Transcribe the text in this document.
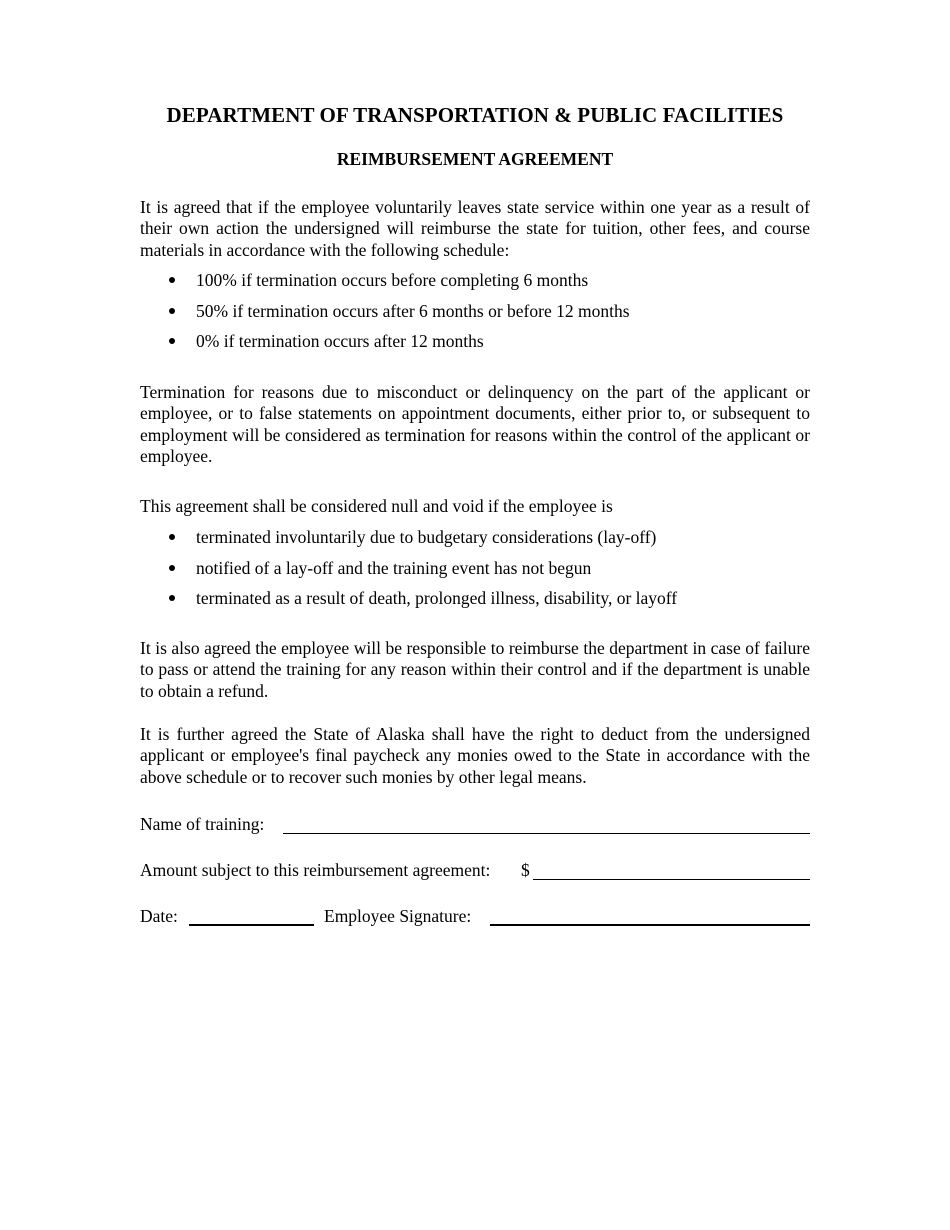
DEPARTMENT OF TRANSPORTATION & PUBLIC FACILITIES
REIMBURSEMENT AGREEMENT

It is agreed that if the employee voluntarily leaves state service within one year as a result of their own action the undersigned will reimburse the state for tuition, other fees, and course materials in accordance with the following schedule:

100% if termination occurs before completing 6 months
50% if termination occurs after 6 months or before 12 months
0% if termination occurs after 12 months

Termination for reasons due to misconduct or delinquency on the part of the applicant or employee, or to false statements on appointment documents, either prior to, or subsequent to employment will be considered as termination for reasons within the control of the applicant or employee.

This agreement shall be considered null and void if the employee is

terminated involuntarily due to budgetary considerations (lay-off)
notified of a lay-off and the training event has not begun
terminated as a result of death, prolonged illness, disability, or layoff

It is also agreed the employee will be responsible to reimburse the department in case of failure to pass or attend the training for any reason within their control and if the department is unable to obtain a refund.

It is further agreed the State of Alaska shall have the right to deduct from the undersigned applicant or employee's final paycheck any monies owed to the State in accordance with the above schedule or to recover such monies by other legal means.

Name of training:
Amount subject to this reimbursement agreement: $
Date:	Employee Signature:
